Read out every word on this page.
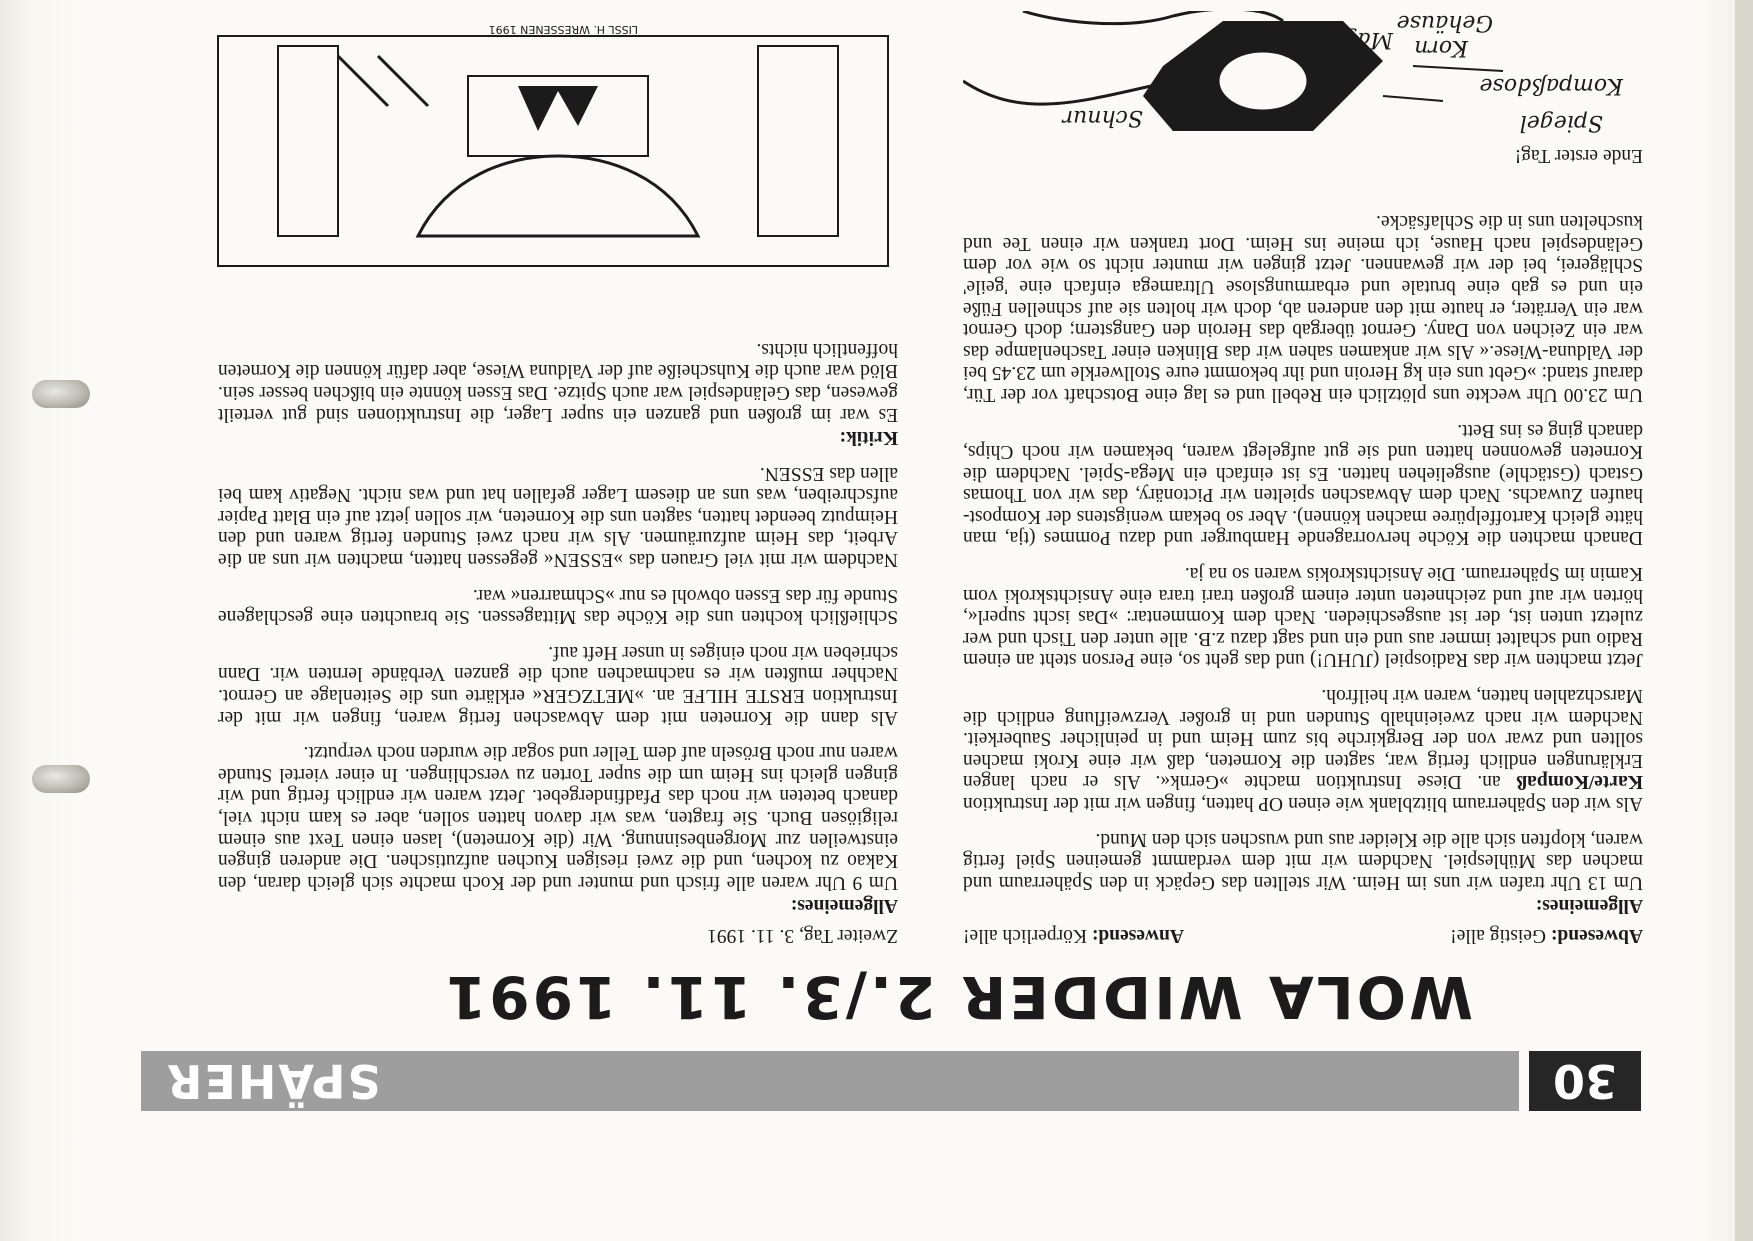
30
SPÄHER
WOLA WIDDER 2./3. 11. 1991
Abwesend: Geistig alle!
Anwesend: Körperlich alle!
Allgemeines:

Um 13 Uhr trafen wir uns im Heim. Wir stellten das Gepäck in den Späherraum und machen das Mühlespiel. Nachdem wir mit dem verdammt gemeinen Spiel fertig waren, klopften sich alle die Kleider aus und wuschen sich den Mund.

Als wir den Späherraum blitzblank wie einen OP hatten, fingen wir mit der Instruktion Karte/Kompaß an. Diese Instruktion machte »Gernk«. Als er nach langen Erklärungen endlich fertig war, sagten die Korneten, daß wir eine Kroki machen sollten und zwar von der Bergkirche bis zum Heim und in peinlicher Sauberkeit. Nachdem wir nach zweieinhalb Stunden und in großer Verzweiflung endlich die Marschzahlen hatten, waren wir heilfroh.

Jetzt machten wir das Radiospiel (JUHU!) und das geht so, eine Person steht an einem Radio und schaltet immer aus und ein und sagt dazu z.B. alle unter den Tisch und wer zuletzt unten ist, der ist ausgeschieden. Nach dem Kommentar: »Das ischt superl«, hörten wir auf und zeichneten unter einem großen trari trara eine Ansichtskroki vom Kamin im Späherraum. Die Ansichtskrokis waren so na ja.

Danach machten die Köche hervorragende Hamburger und dazu Pommes (tja, man hätte gleich Kartoffelpüree machen können). Aber so bekam wenigstens der Kompost-haufen Zuwachs. Nach dem Abwaschen spielten wir Pictonäry, das wir von Thomas Gstach (Gstächle) ausgeliehen hatten. Es ist einfach ein Mega-Spiel. Nachdem die Korneten gewonnen hatten und sie gut aufgelegt waren, bekamen wir noch Chips, danach ging es ins Bett.

Um 23.00 Uhr weckte uns plötzlich ein Rebell und es lag eine Botschaft vor der Tür, darauf stand: »Gebt uns ein kg Heroin und ihr bekommt eure Stollwerkle um 23.45 bei der Valduna-Wiese.« Als wir ankamen sahen wir das Blinken einer Taschenlampe das war ein Zeichen von Dany. Gernot übergab das Heroin den Gangstern; doch Gernot war ein Verräter, er haute mit den anderen ab, doch wir holten sie auf schnellen Füße ein und es gab eine brutale und erbarmungslose Ultramega einfach eine 'geile' Schlägerei, bei der wir gewannen. Jetzt gingen wir munter nicht so wie vor dem Geländespiel nach Hause, ich meine ins Heim. Dort tranken wir einen Tee und kuschelten uns in die Schlafsäcke.

Zweiter Tag, 3. 11. 1991
Allgemeines:

Um 9 Uhr waren alle frisch und munter und der Koch machte sich gleich daran, den Kakao zu kochen, und die zwei riesigen Kuchen aufzutischen. Die anderen gingen einstweilen zur Morgenbesinnung. Wir (die Korneten), lasen einen Text aus einem religiösen Buch. Sie fragten, was wir davon hatten sollen, aber es kam nicht viel, danach beteten wir noch das Pfadfindergebet. Jetzt waren wir endlich fertig und wir gingen gleich ins Heim um die super Torten zu verschlingen. In einer viertel Stunde waren nur noch Bröseln auf dem Teller und sogar die wurden noch verputzt.

Als dann die Korneten mit dem Abwaschen fertig waren, fingen wir mit der Instruktion ERSTE HILFE an. »METZGER« erklärte uns die Seitenlage an Gernot. Nachher mußten wir es nachmachen auch die ganzen Verbände lernten wir. Dann schrieben wir noch einiges in unser Heft auf.

Schließlich kochten uns die Köche das Mittagessen. Sie brauchten eine geschlagene Stunde für das Essen obwohl es nur »Schmarren« war.

Nachdem wir mit viel Grauen das »ESSEN« gegessen hatten, machten wir uns an die Arbeit, das Heim aufzuräumen. Als wir nach zwei Stunden fertig waren und den Heimputz beendet hatten, sagten uns die Korneten, wir sollen jetzt auf ein Blatt Papier aufschreiben, was uns an diesem Lager gefallen hat und was nicht. Negativ kam bei allen das ESSEN.

Kritik:

Es war im großen und ganzen ein super Lager, die Instruktionen sind gut verteilt gewesen, das Geländespiel war auch Spitze. Das Essen könnte ein bißchen besser sein. Blöd war auch die Kuhscheiße auf der Valduna Wiese, aber dafür können die Korneten hoffentlich nichts.

Ende erster Tag!

Spiegel
Kompaßdose
Schnur
Magnetnadel
Gehäuse
Korn
LISSL H. WRESSENEN 1991
